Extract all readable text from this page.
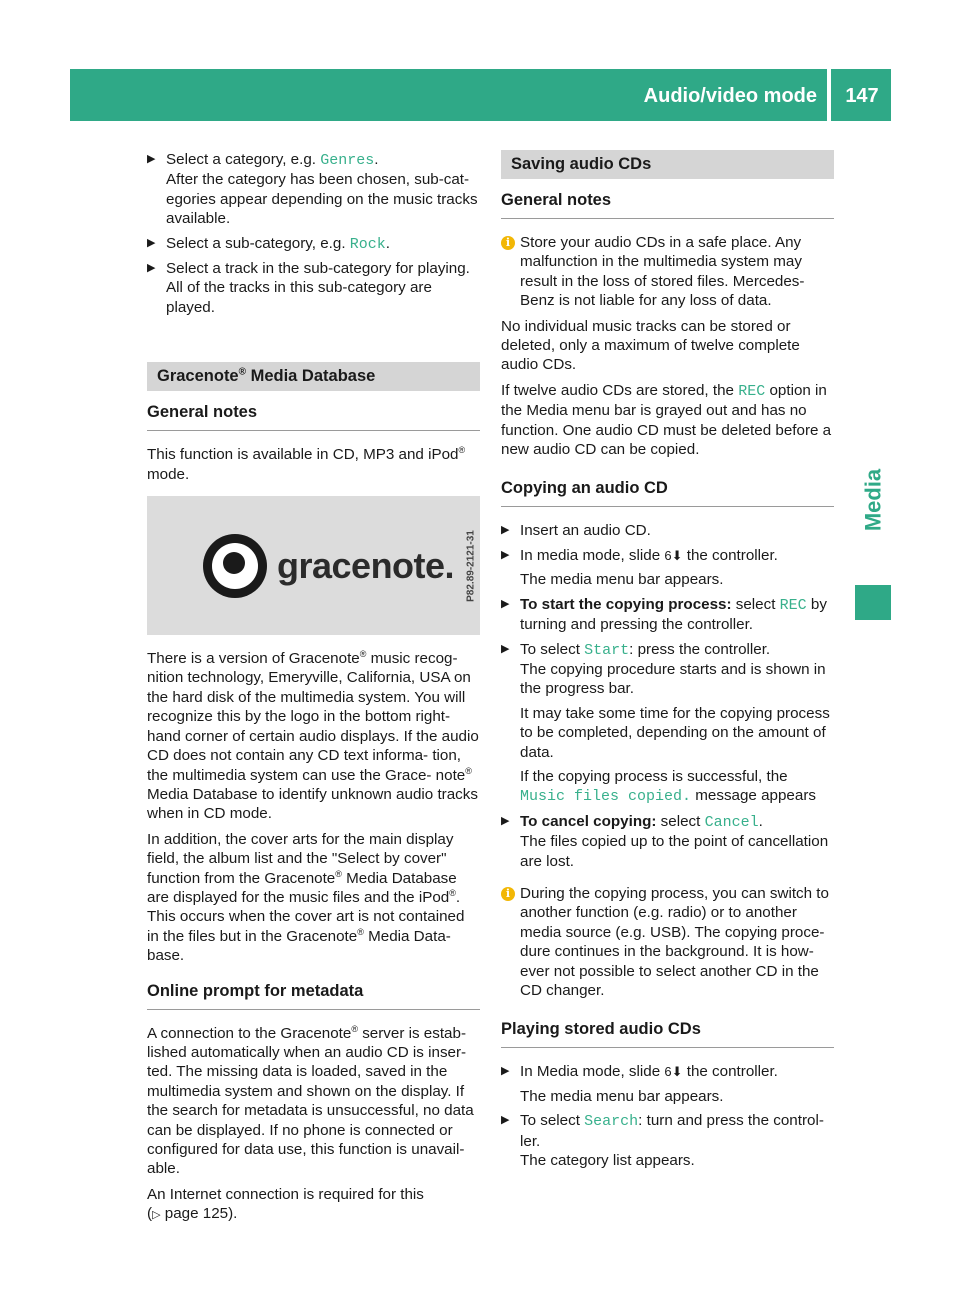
Audio/video mode	147
Media
▶ Select a category, e.g. Genres.
After the category has been chosen, sub-cat- egories appear depending on the music tracks available.
▶ Select a sub-category, e.g. Rock.
▶ Select a track in the sub-category for playing. All of the tracks in this sub-category are played.
Gracenote® Media Database
General notes

This function is available in CD, MP3 and iPod® mode.

gracenote.	P82.89-2121-31

There is a version of Gracenote® music recog- nition technology, Emeryville, California, USA on the hard disk of the multimedia system. You will recognize this by the logo in the bottom right- hand corner of certain audio displays. If the audio CD does not contain any CD text informa- tion, the multimedia system can use the Grace- note® Media Database to identify unknown audio tracks when in CD mode.

In addition, the cover arts for the main display field, the album list and the "Select by cover" function from the Gracenote® Media Database are displayed for the music files and the iPod®. This occurs when the cover art is not contained in the files but in the Gracenote® Media Data- base.

Online prompt for metadata

A connection to the Gracenote® server is estab- lished automatically when an audio CD is inser- ted. The missing data is loaded, saved in the multimedia system and shown on the display. If the search for metadata is unsuccessful, no data can be displayed. If no phone is connected or configured for data use, this function is unavail- able.

An Internet connection is required for this
(▷ page 125).

Saving audio CDs
General notes
i Store your audio CDs in a safe place. Any malfunction in the multimedia system may result in the loss of stored files. Mercedes- Benz is not liable for any loss of data.

No individual music tracks can be stored or deleted, only a maximum of twelve complete audio CDs.

If twelve audio CDs are stored, the REC option in the Media menu bar is grayed out and has no function. One audio CD must be deleted before a new audio CD can be copied.

Copying an audio CD
▶ Insert an audio CD.
▶ In media mode, slide 6⬇ the controller.
The media menu bar appears.
▶ To start the copying process: select REC by turning and pressing the controller.
▶ To select Start: press the controller.
The copying procedure starts and is shown in the progress bar.
It may take some time for the copying process to be completed, depending on the amount of data.
If the copying process is successful, the
Music files copied. message appears
▶ To cancel copying: select Cancel.
The files copied up to the point of cancellation are lost.
i During the copying process, you can switch to another function (e.g. radio) or to another media source (e.g. USB). The copying proce- dure continues in the background. It is how- ever not possible to select another CD in the CD changer.
Playing stored audio CDs
▶ In Media mode, slide 6⬇ the controller.
The media menu bar appears.
▶ To select Search: turn and press the control- ler.
The category list appears.
